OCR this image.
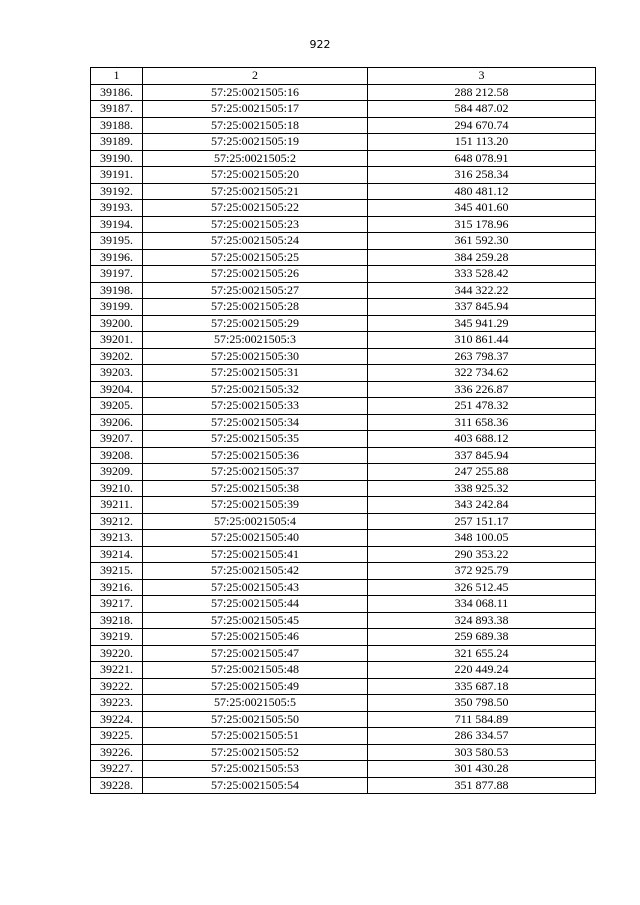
922
1	2	3
39186.	57:25:0021505:16	288 212.58
39187.	57:25:0021505:17	584 487.02
39188.	57:25:0021505:18	294 670.74
39189.	57:25:0021505:19	151 113.20
39190.	57:25:0021505:2	648 078.91
39191.	57:25:0021505:20	316 258.34
39192.	57:25:0021505:21	480 481.12
39193.	57:25:0021505:22	345 401.60
39194.	57:25:0021505:23	315 178.96
39195.	57:25:0021505:24	361 592.30
39196.	57:25:0021505:25	384 259.28
39197.	57:25:0021505:26	333 528.42
39198.	57:25:0021505:27	344 322.22
39199.	57:25:0021505:28	337 845.94
39200.	57:25:0021505:29	345 941.29
39201.	57:25:0021505:3	310 861.44
39202.	57:25:0021505:30	263 798.37
39203.	57:25:0021505:31	322 734.62
39204.	57:25:0021505:32	336 226.87
39205.	57:25:0021505:33	251 478.32
39206.	57:25:0021505:34	311 658.36
39207.	57:25:0021505:35	403 688.12
39208.	57:25:0021505:36	337 845.94
39209.	57:25:0021505:37	247 255.88
39210.	57:25:0021505:38	338 925.32
39211.	57:25:0021505:39	343 242.84
39212.	57:25:0021505:4	257 151.17
39213.	57:25:0021505:40	348 100.05
39214.	57:25:0021505:41	290 353.22
39215.	57:25:0021505:42	372 925.79
39216.	57:25:0021505:43	326 512.45
39217.	57:25:0021505:44	334 068.11
39218.	57:25:0021505:45	324 893.38
39219.	57:25:0021505:46	259 689.38
39220.	57:25:0021505:47	321 655.24
39221.	57:25:0021505:48	220 449.24
39222.	57:25:0021505:49	335 687.18
39223.	57:25:0021505:5	350 798.50
39224.	57:25:0021505:50	711 584.89
39225.	57:25:0021505:51	286 334.57
39226.	57:25:0021505:52	303 580.53
39227.	57:25:0021505:53	301 430.28
39228.	57:25:0021505:54	351 877.88
